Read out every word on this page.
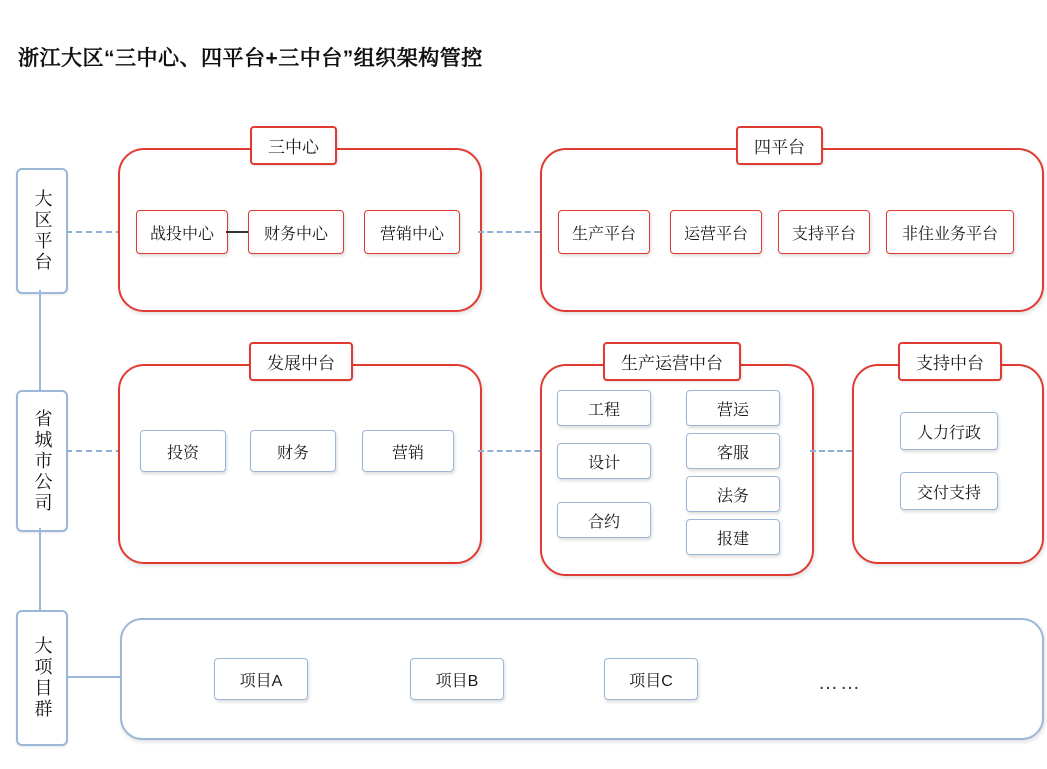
浙江大区“三中心、四平台+三中台”组织架构管控
大区平台
省城市公司
大项目群
三中心
战投中心	财务中心	营销中心
四平台
生产平台	运营平台	支持平台	非住业务平台
发展中台
投资	财务	营销
生产运营中台
工程
设计
合约
营运
客服
法务
报建
支持中台
人力行政
交付支持
项目A	项目B	项目C	……
